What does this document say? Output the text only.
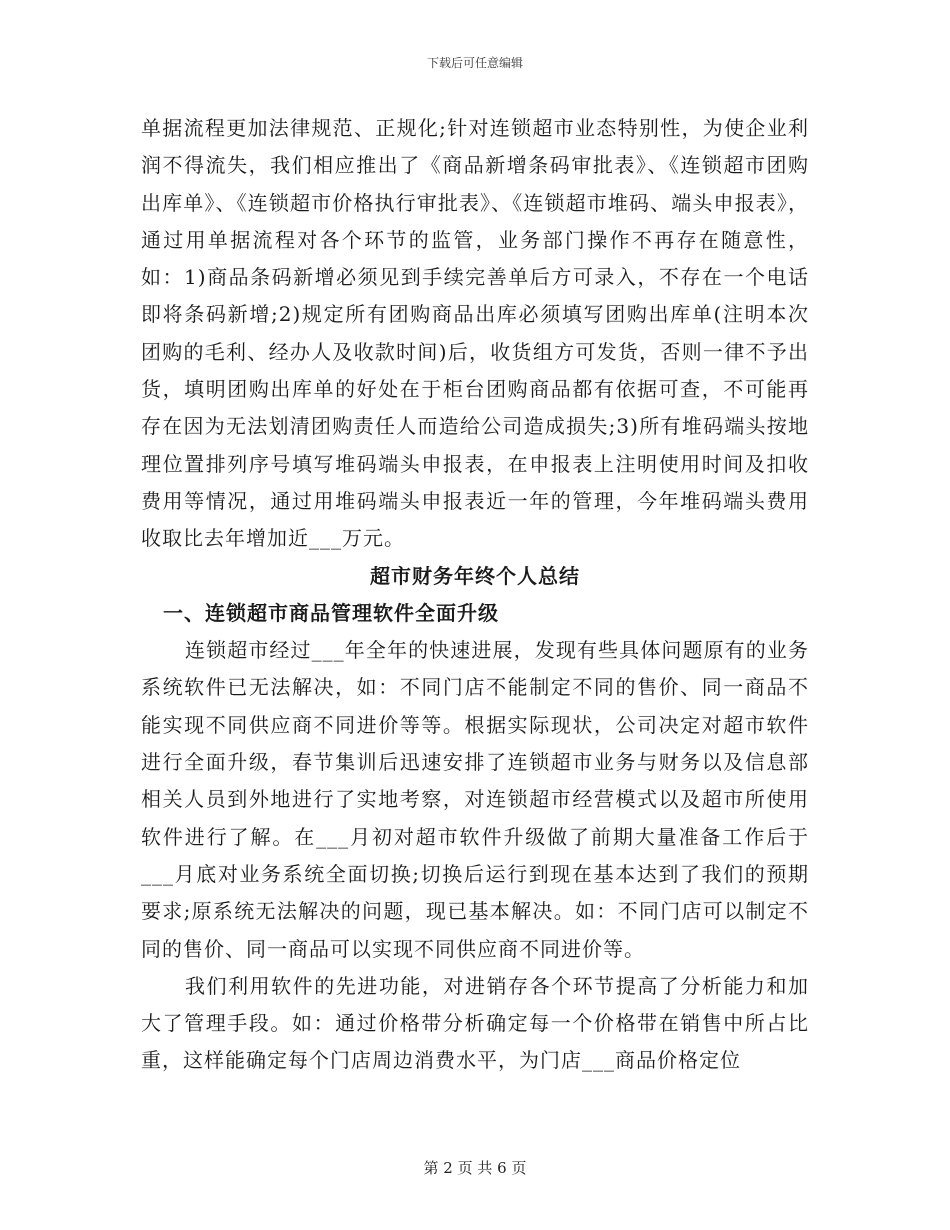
下载后可任意编辑

单据流程更加法律规范、正规化;针对连锁超市业态特别性，为使企业利润不得流失，我们相应推出了《商品新增条码审批表》、《连锁超市团购出库单》、《连锁超市价格执行审批表》、《连锁超市堆码、端头申报表》，通过用单据流程对各个环节的监管，业务部门操作不再存在随意性，如：1)商品条码新增必须见到手续完善单后方可录入，不存在一个电话即将条码新增;2)规定所有团购商品出库必须填写团购出库单(注明本次团购的毛利、经办人及收款时间)后，收货组方可发货，否则一律不予出货，填明团购出库单的好处在于柜台团购商品都有依据可查，不可能再存在因为无法划清团购责任人而造给公司造成损失;3)所有堆码端头按地理位置排列序号填写堆码端头申报表，在申报表上注明使用时间及扣收费用等情况，通过用堆码端头申报表近一年的管理，今年堆码端头费用收取比去年增加近___万元。

超市财务年终个人总结
一、连锁超市商品管理软件全面升级

连锁超市经过___年全年的快速进展，发现有些具体问题原有的业务系统软件已无法解决，如：不同门店不能制定不同的售价、同一商品不能实现不同供应商不同进价等等。根据实际现状，公司决定对超市软件进行全面升级，春节集训后迅速安排了连锁超市业务与财务以及信息部相关人员到外地进行了实地考察，对连锁超市经营模式以及超市所使用软件进行了解。在___月初对超市软件升级做了前期大量准备工作后于___月底对业务系统全面切换;切换后运行到现在基本达到了我们的预期要求;原系统无法解决的问题，现已基本解决。如：不同门店可以制定不同的售价、同一商品可以实现不同供应商不同进价等。

我们利用软件的先进功能，对进销存各个环节提高了分析能力和加大了管理手段。如：通过价格带分析确定每一个价格带在销售中所占比重，这样能确定每个门店周边消费水平，为门店___商品价格定位

第 2 页 共 6 页
